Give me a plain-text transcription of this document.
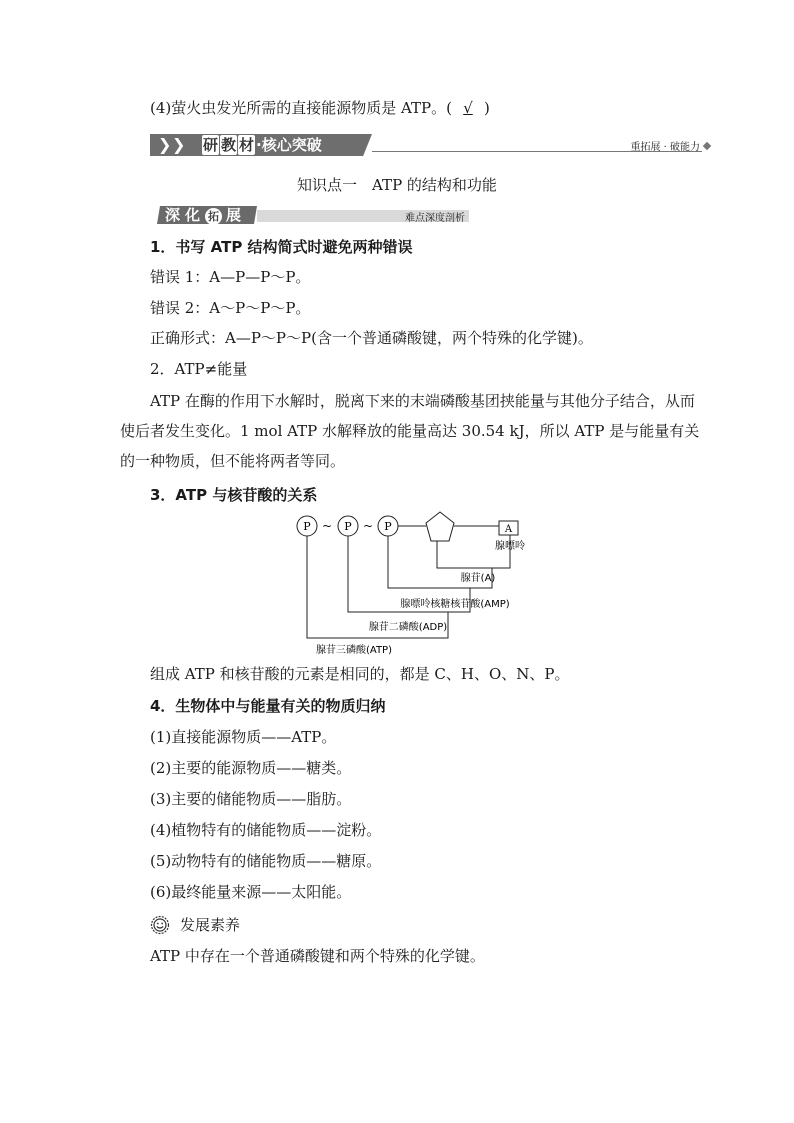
(4)萤火虫发光所需的直接能源物质是 ATP。( √ )
❯ ❯ 研 教 材 ·核心突破	重拓展 · 破能力
知识点一　ATP 的结构和功能
难点深度剖析
深化 拓 展
1．书写 ATP 结构简式时避免两种错误
错误 1：A—P—P～P。
错误 2：A～P～P～P。
正确形式：A—P～P～P(含一个普通磷酸键，两个特殊的化学键)。
2．ATP≠能量
ATP 在酶的作用下水解时，脱离下来的末端磷酸基团挟能量与其他分子结合，从而使后者发生变化。1 mol ATP 水解释放的能量高达 30.54 kJ，所以 ATP 是与能量有关的一种物质，但不能将两者等同。
3．ATP 与核苷酸的关系
~	~
P	P	P	A
腺嘌呤
腺苷(A)
腺嘌呤核糖核苷酸(AMP)
腺苷二磷酸(ADP)
腺苷三磷酸(ATP)
组成 ATP 和核苷酸的元素是相同的，都是 C、H、O、N、P。
4．生物体中与能量有关的物质归纳
(1)直接能源物质——ATP。
(2)主要的能源物质——糖类。
(3)主要的储能物质——脂肪。
(4)植物特有的储能物质——淀粉。
(5)动物特有的储能物质——糖原。
(6)最终能量来源——太阳能。
发展素养
ATP 中存在一个普通磷酸键和两个特殊的化学键。
